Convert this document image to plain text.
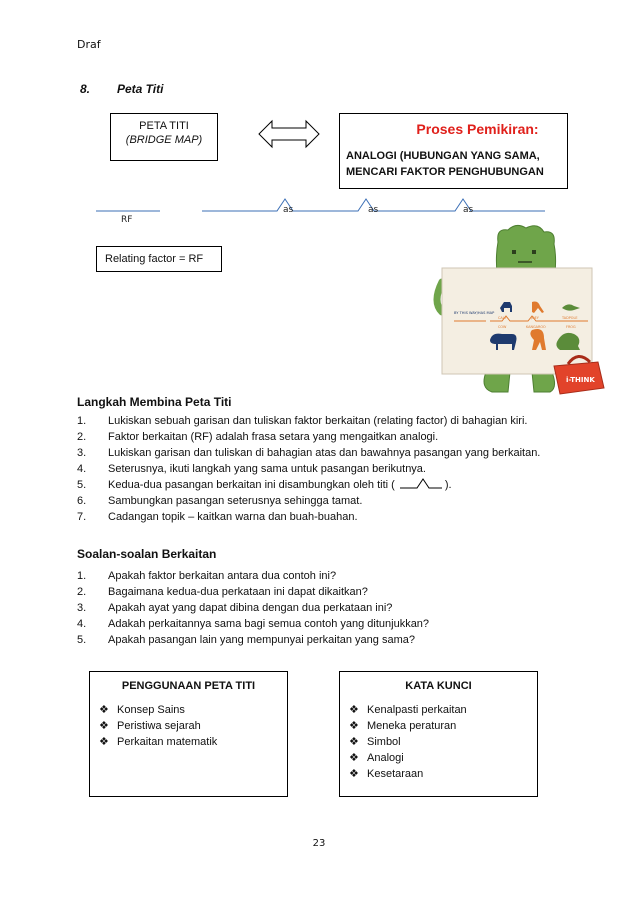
Draf
8. Peta Titi
PETA TITI
(BRIDGE MAP)
Proses Pemikiran:
ANALOGI (HUBUNGAN YANG SAMA,
MENCARI FAKTOR PENGHUBUNGAN
as	as	as
RF
Relating factor = RF
BY THIS WAY/HAS MAP
CALF	JOEY	TADPOLE
COW	KANGAROO	FROG
i-THINK
Langkah Membina Peta Titi
1. Lukiskan sebuah garisan dan tuliskan faktor berkaitan (relating factor) di bahagian kiri.
2. Faktor berkaitan (RF) adalah frasa setara yang mengaitkan analogi.
3. Lukiskan garisan dan tuliskan di bahagian atas dan bawahnya pasangan yang berkaitan.
4. Seterusnya, ikuti langkah yang sama untuk pasangan berikutnya.
5. Kedua-dua pasangan berkaitan ini disambungkan oleh titi (	).
6. Sambungkan pasangan seterusnya sehingga tamat.
7. Cadangan topik – kaitkan warna dan buah-buahan.
Soalan-soalan Berkaitan
1. Apakah faktor berkaitan antara dua contoh ini?
2. Bagaimana kedua-dua perkataan ini dapat dikaitkan?
3. Apakah ayat yang dapat dibina dengan dua perkataan ini?
4. Adakah perkaitannya sama bagi semua contoh yang ditunjukkan?
5. Apakah pasangan lain yang mempunyai perkaitan yang sama?
PENGGUNAAN PETA TITI
❖ Konsep Sains
❖ Peristiwa sejarah
❖ Perkaitan matematik
KATA KUNCI
❖ Kenalpasti perkaitan
❖ Meneka peraturan
❖ Simbol
❖ Analogi
❖ Kesetaraan
23
